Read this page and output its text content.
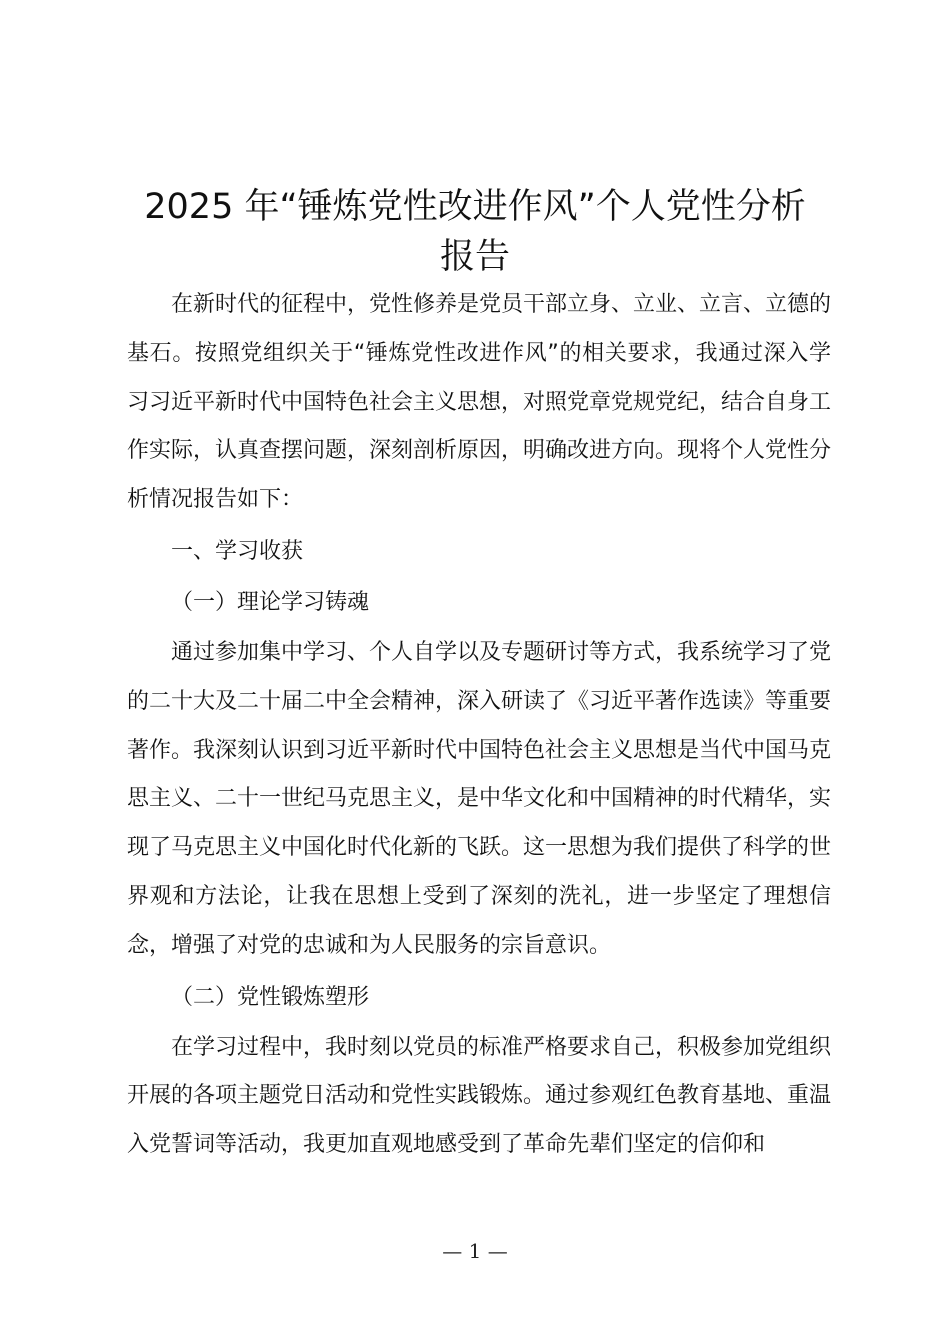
2025 年“锤炼党性改进作风”个人党性分析
报告

在新时代的征程中，党性修养是党员干部立身、立业、立言、立德的基石。按照党组织关于“锤炼党性改进作风”的相关要求，我通过深入学习习近平新时代中国特色社会主义思想，对照党章党规党纪，结合自身工作实际，认真查摆问题，深刻剖析原因，明确改进方向。现将个人党性分析情况报告如下：

一、学习收获

（一）理论学习铸魂

通过参加集中学习、个人自学以及专题研讨等方式，我系统学习了党的二十大及二十届二中全会精神，深入研读了《习近平著作选读》等重要著作。我深刻认识到习近平新时代中国特色社会主义思想是当代中国马克思主义、二十一世纪马克思主义，是中华文化和中国精神的时代精华，实现了马克思主义中国化时代化新的飞跃。这一思想为我们提供了科学的世界观和方法论，让我在思想上受到了深刻的洗礼，进一步坚定了理想信念，增强了对党的忠诚和为人民服务的宗旨意识。

（二）党性锻炼塑形

在学习过程中，我时刻以党员的标准严格要求自己，积极参加党组织开展的各项主题党日活动和党性实践锻炼。通过参观红色教育基地、重温入党誓词等活动，我更加直观地感受到了革命先辈们坚定的信仰和

— 1 —
